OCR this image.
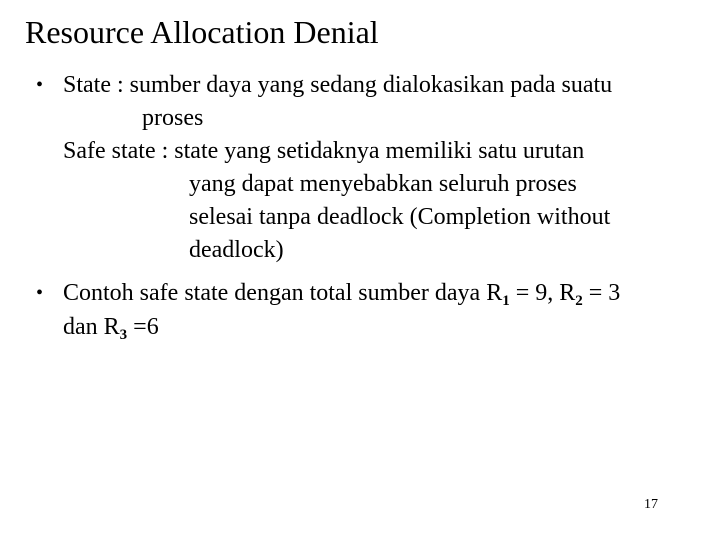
Resource Allocation Denial
• State : sumber daya yang sedang dialokasikan pada suatu
proses
Safe state : state yang setidaknya memiliki satu urutan
yang dapat menyebabkan seluruh proses
selesai tanpa deadlock (Completion without
deadlock)
• Contoh safe state dengan total sumber daya $R_1 = 9$, $R_2 = 3$
dan $R_3 =6$
17
